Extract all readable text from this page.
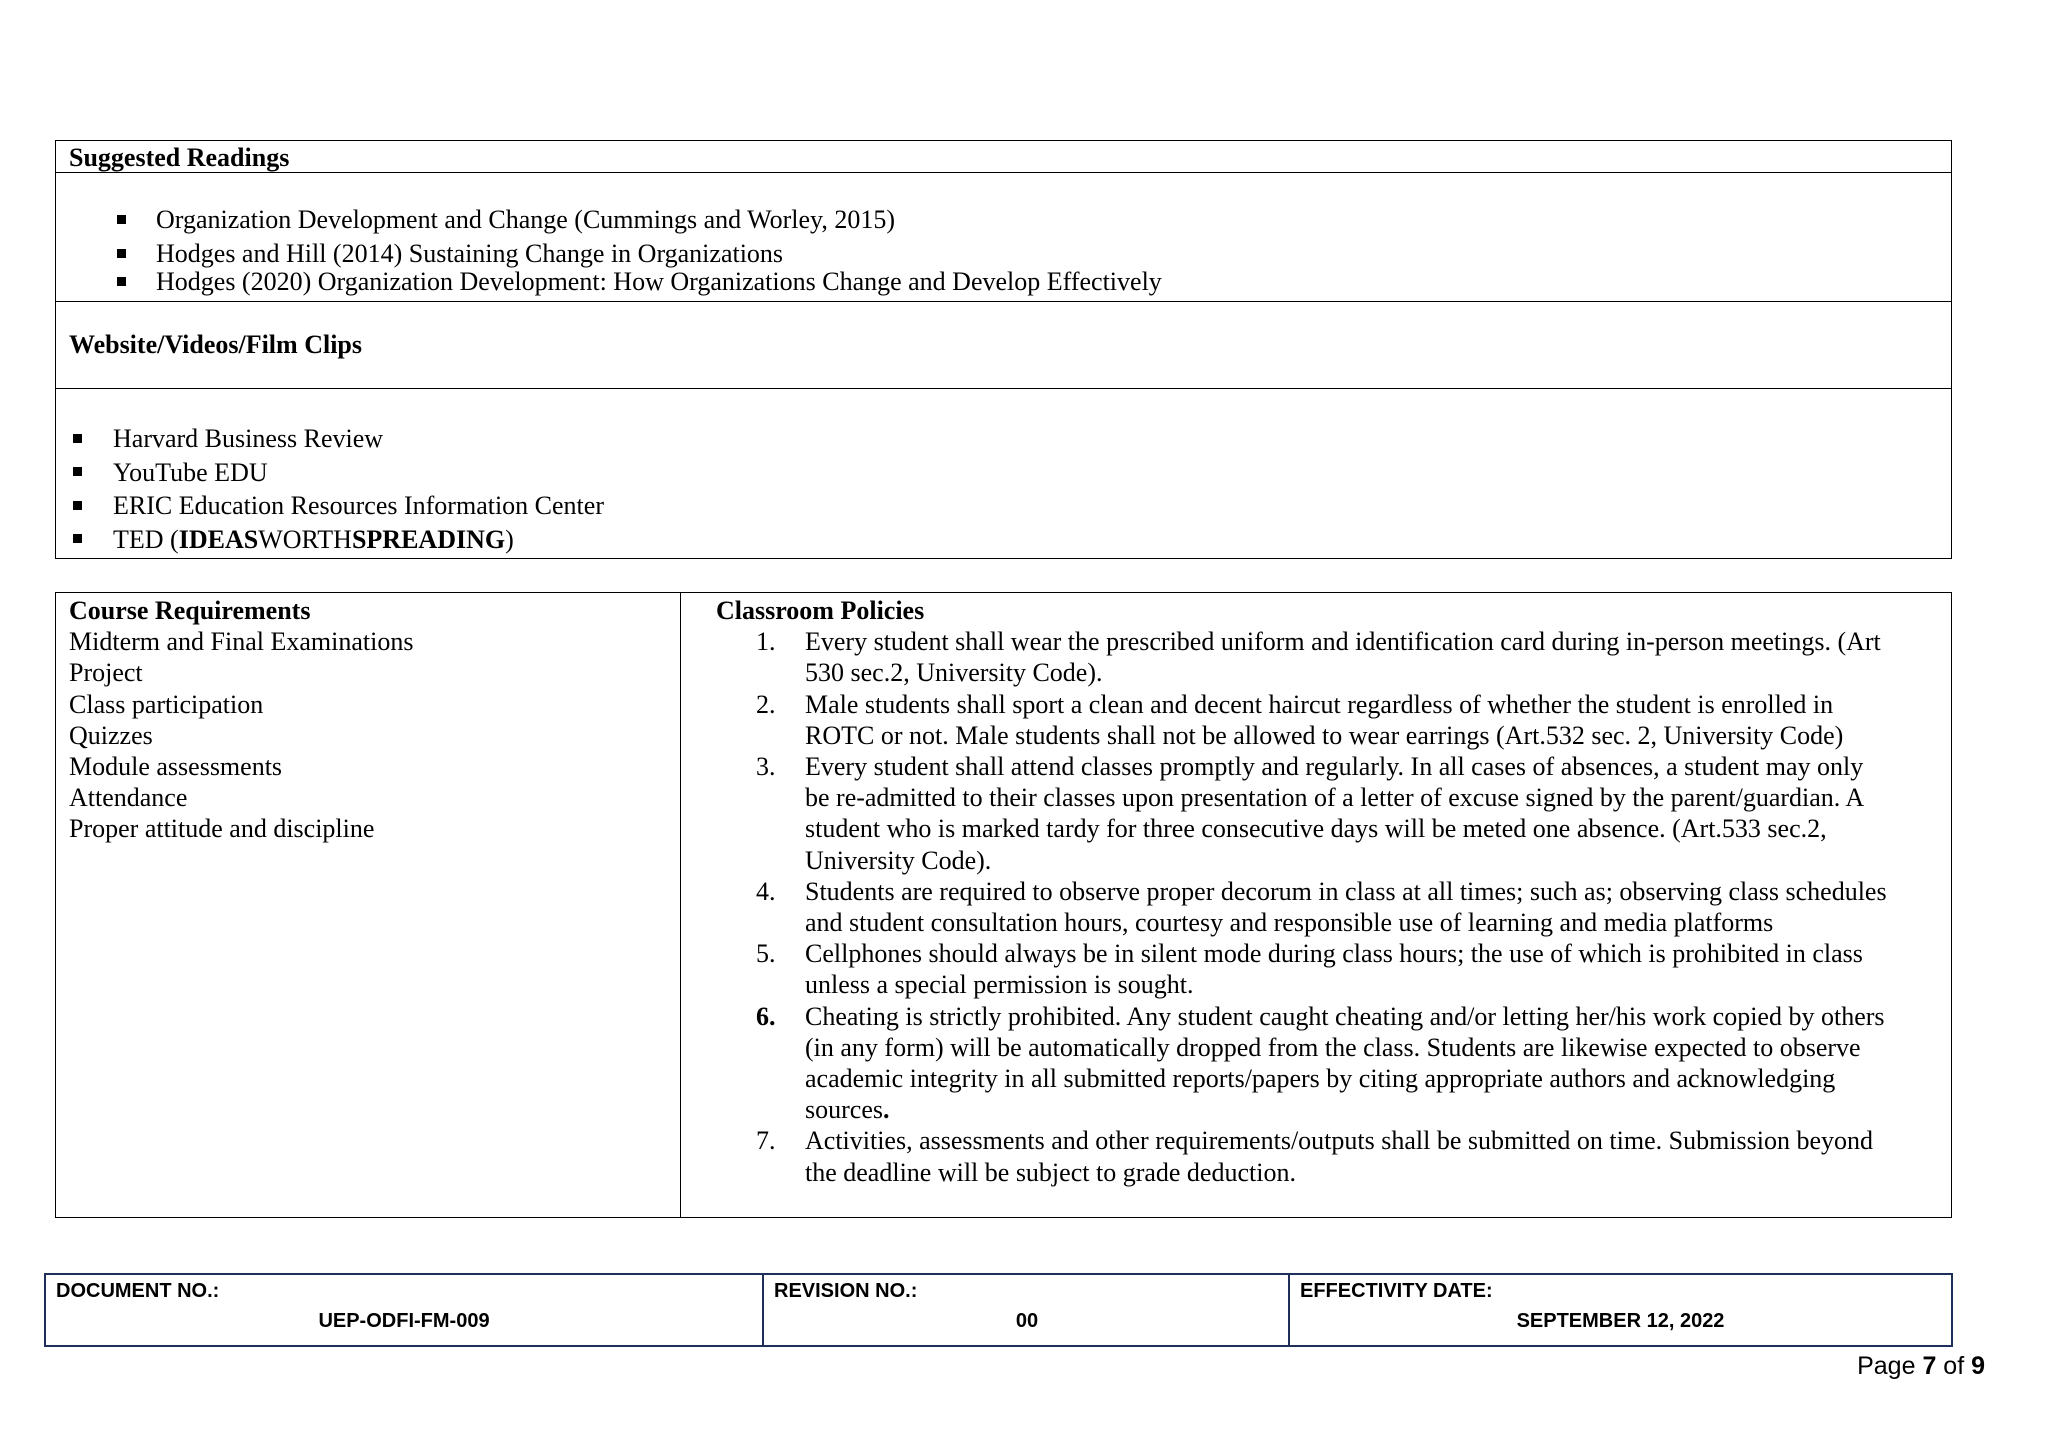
Suggested Readings
Organization Development and Change (Cummings and Worley, 2015)
Hodges and Hill (2014) Sustaining Change in Organizations
Hodges (2020) Organization Development: How Organizations Change and Develop Effectively
Website/Videos/Film Clips
Harvard Business Review
YouTube EDU
ERIC Education Resources Information Center
TED (IDEASWORTHSPREADING)
Course Requirements
Midterm and Final Examinations
Project
Class participation
Quizzes
Module assessments
Attendance
Proper attitude and discipline
Classroom Policies
1. Every student shall wear the prescribed uniform and identification card during in-person meetings. (Art
530 sec.2, University Code).
2. Male students shall sport a clean and decent haircut regardless of whether the student is enrolled in
ROTC or not. Male students shall not be allowed to wear earrings (Art.532 sec. 2, University Code)
3. Every student shall attend classes promptly and regularly. In all cases of absences, a student may only
be re-admitted to their classes upon presentation of a letter of excuse signed by the parent/guardian. A
student who is marked tardy for three consecutive days will be meted one absence. (Art.533 sec.2,
University Code).
4. Students are required to observe proper decorum in class at all times; such as; observing class schedules
and student consultation hours, courtesy and responsible use of learning and media platforms
5. Cellphones should always be in silent mode during class hours; the use of which is prohibited in class
unless a special permission is sought.
6. Cheating is strictly prohibited. Any student caught cheating and/or letting her/his work copied by others
(in any form) will be automatically dropped from the class. Students are likewise expected to observe
academic integrity in all submitted reports/papers by citing appropriate authors and acknowledging
sources.
7. Activities, assessments and other requirements/outputs shall be submitted on time. Submission beyond
the deadline will be subject to grade deduction.
DOCUMENT NO.:
UEP-ODFI-FM-009
REVISION NO.:
00
EFFECTIVITY DATE:
SEPTEMBER 12, 2022
Page 7 of 9
